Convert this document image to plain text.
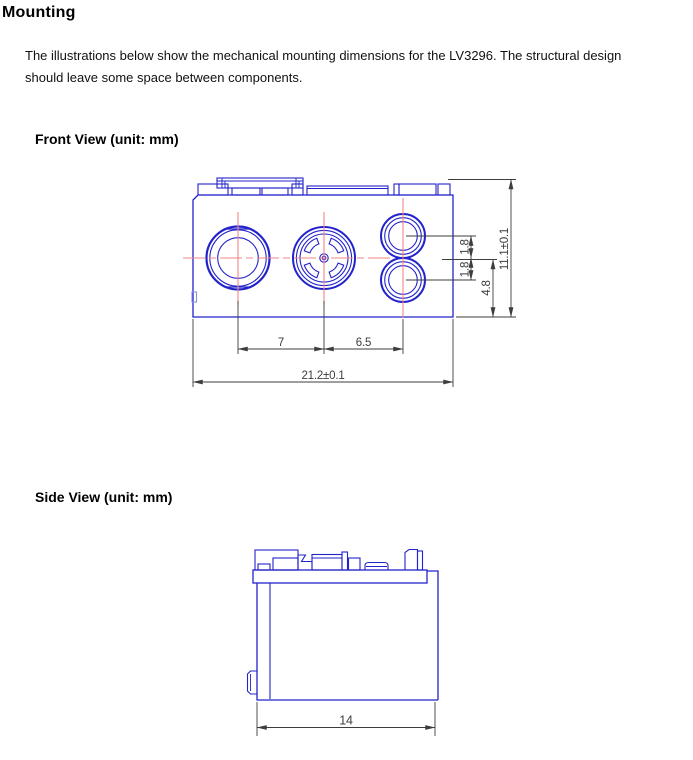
Mounting
The illustrations below show the mechanical mounting dimensions for the LV3296. The structural design
should leave some space between components.
Front View (unit: mm)
1.8
1.8
4.8
11.1±0.1
7	6.5
21.2±0.1
Side View (unit: mm)
14
